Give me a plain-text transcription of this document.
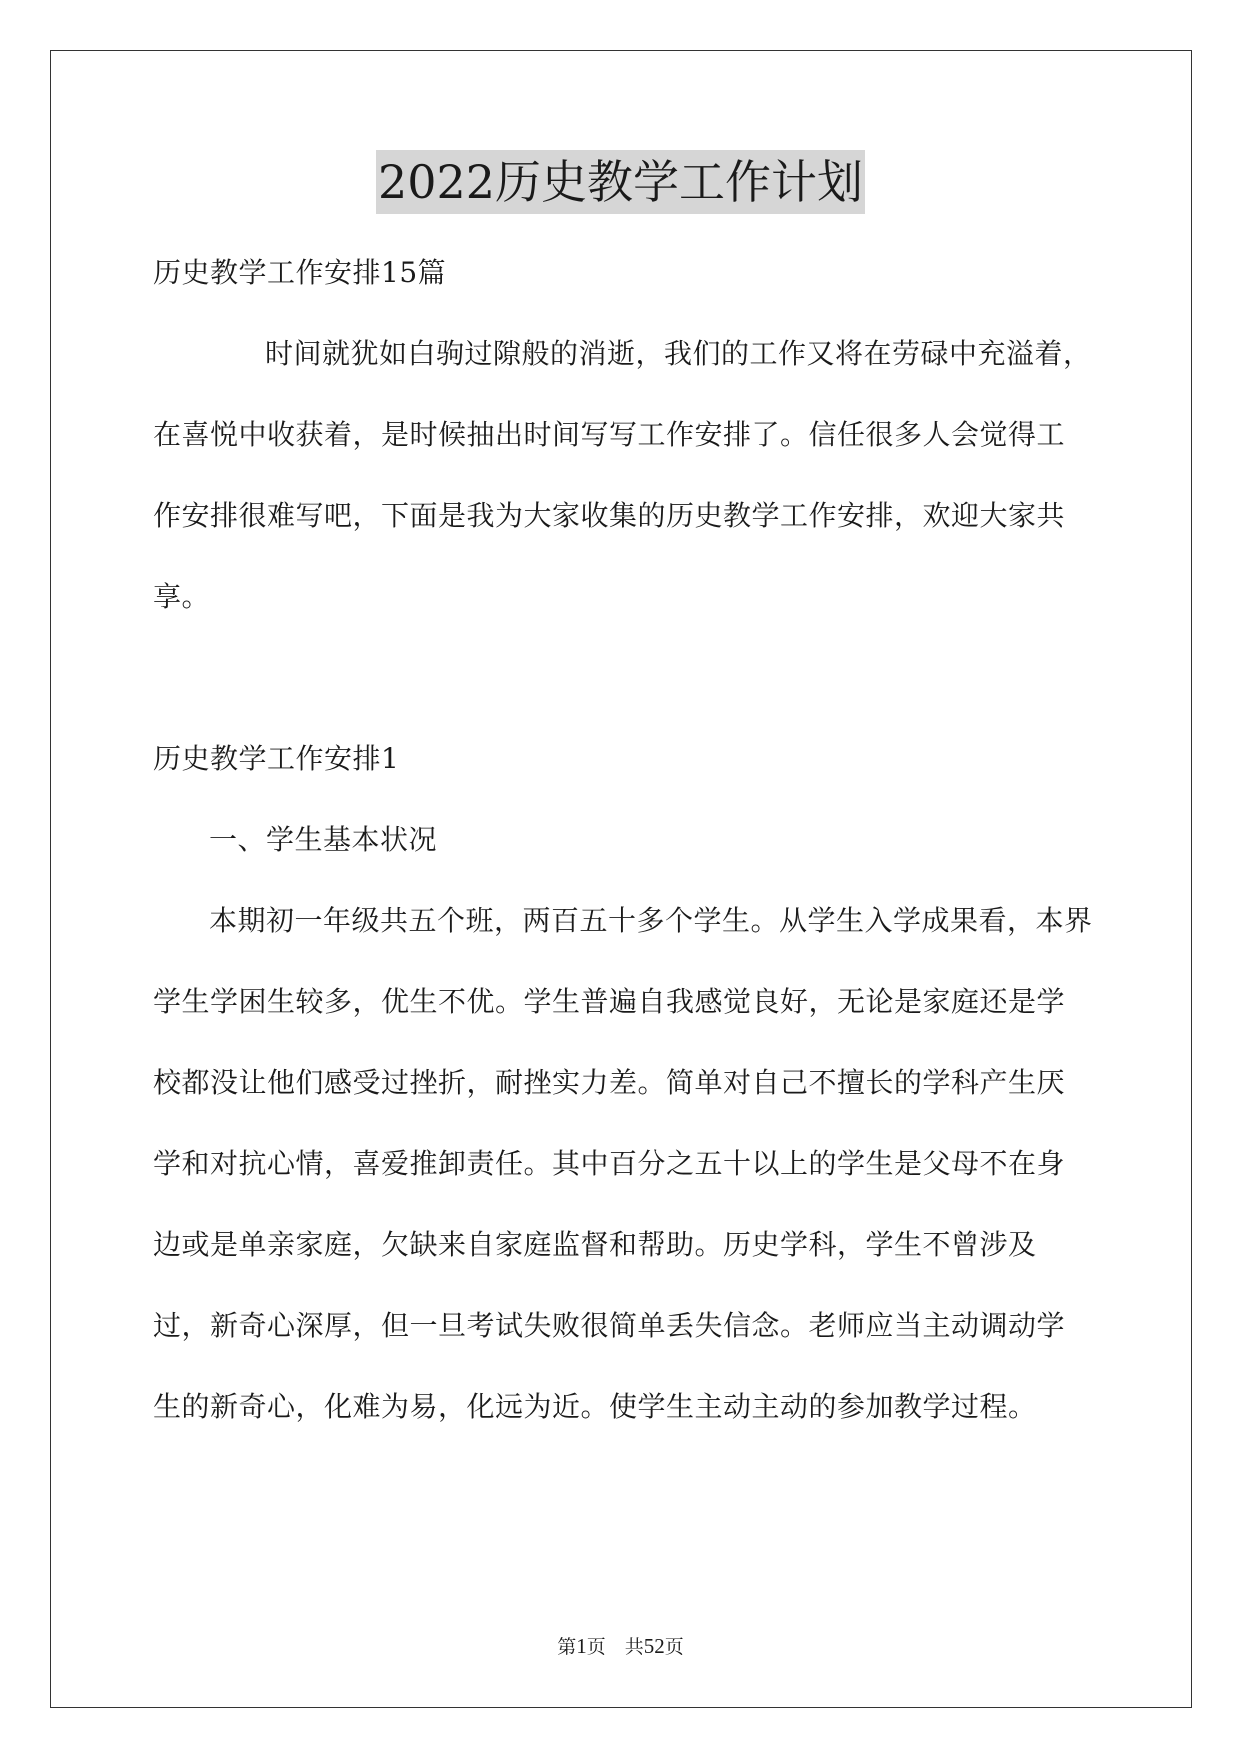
2022历史教学工作计划

历史教学工作安排15篇

时间就犹如白驹过隙般的消逝，我们的工作又将在劳碌中充溢着，在喜悦中收获着，是时候抽出时间写写工作安排了。信任很多人会觉得工作安排很难写吧，下面是我为大家收集的历史教学工作安排，欢迎大家共享。

历史教学工作安排1

一、学生基本状况

本期初一年级共五个班，两百五十多个学生。从学生入学成果看，本界学生学困生较多，优生不优。学生普遍自我感觉良好，无论是家庭还是学校都没让他们感受过挫折，耐挫实力差。简单对自己不擅长的学科产生厌学和对抗心情，喜爱推卸责任。其中百分之五十以上的学生是父母不在身边或是单亲家庭，欠缺来自家庭监督和帮助。历史学科，学生不曾涉及过，新奇心深厚，但一旦考试失败很简单丢失信念。老师应当主动调动学生的新奇心，化难为易，化远为近。使学生主动主动的参加教学过程。

第1页　共52页
